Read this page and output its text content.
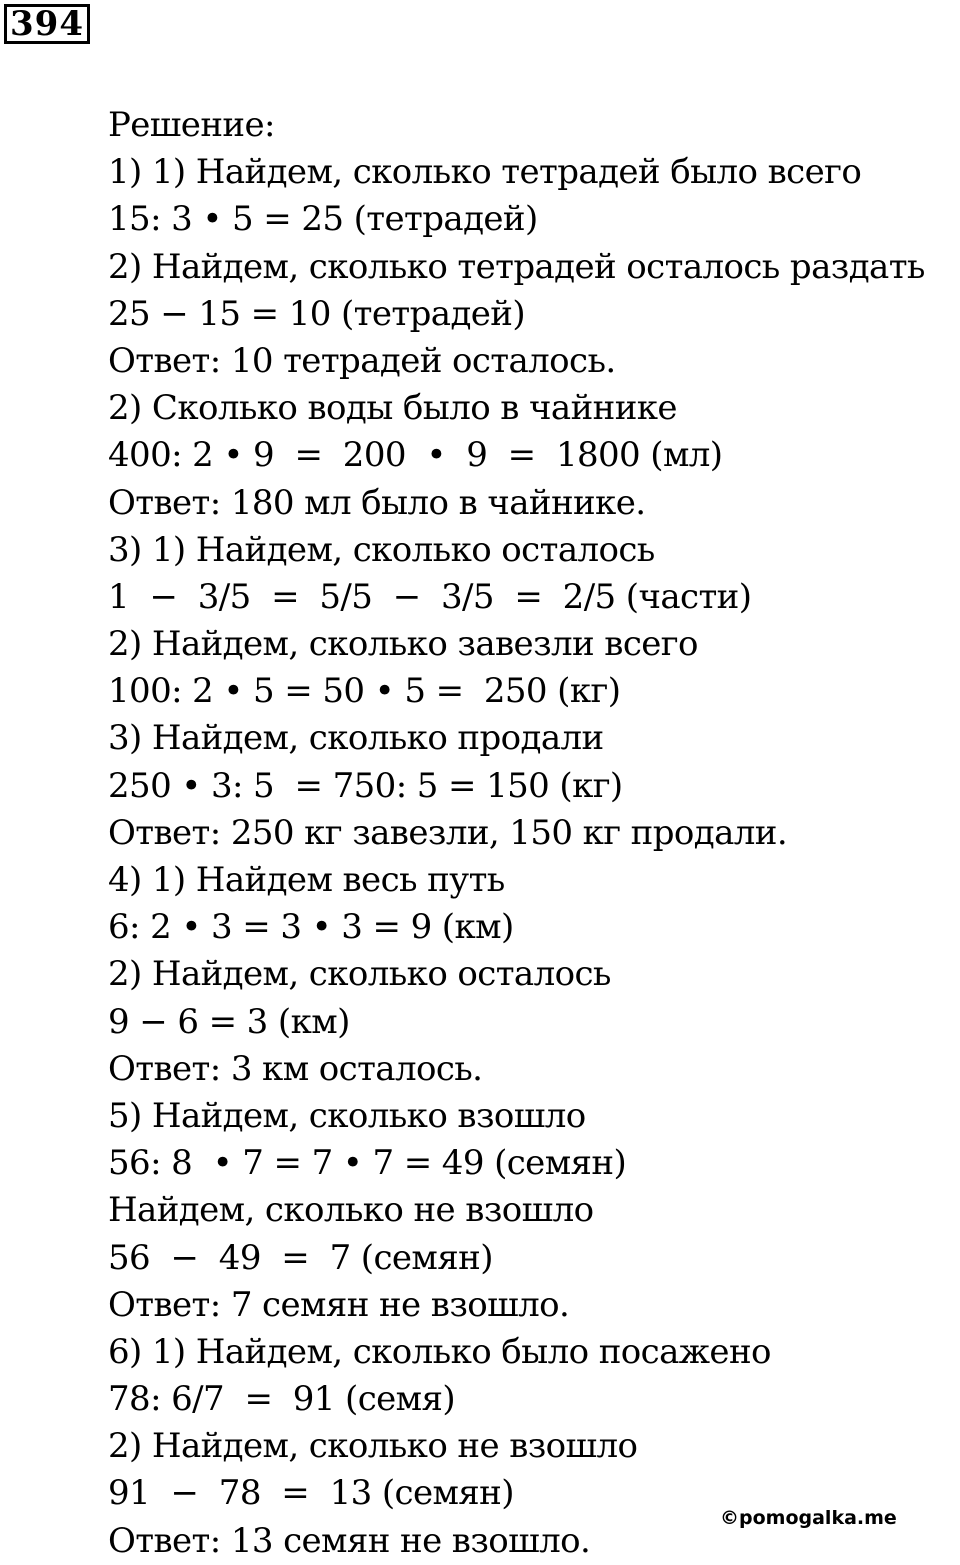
394
Решение:
1) 1) Найдем, сколько тетрадей было всего
15: 3 • 5 = 25 (тетрадей)
2) Найдем, сколько тетрадей осталось раздать
25 − 15 = 10 (тетрадей)
Ответ: 10 тетрадей осталось.
2) Сколько воды было в чайнике
400: 2 • 9  =  200  •  9  =  1800 (мл)
Ответ: 180 мл было в чайнике.
3) 1) Найдем, сколько осталось
1  −  3/5  =  5/5  −  3/5  =  2/5 (части)
2) Найдем, сколько завезли всего
100: 2 • 5 = 50 • 5 =  250 (кг)
3) Найдем, сколько продали
250 • 3: 5  = 750: 5 = 150 (кг)
Ответ: 250 кг завезли, 150 кг продали.
4) 1) Найдем весь путь
6: 2 • 3 = 3 • 3 = 9 (км)
2) Найдем, сколько осталось
9 − 6 = 3 (км)
Ответ: 3 км осталось.
5) Найдем, сколько взошло
56: 8  • 7 = 7 • 7 = 49 (семян)
Найдем, сколько не взошло
56  −  49  =  7 (семян)
Ответ: 7 семян не взошло.
6) 1) Найдем, сколько было посажено
78: 6/7  =  91 (семя)
2) Найдем, сколько не взошло
91  −  78  =  13 (семян)
Ответ: 13 семян не взошло.
©pomogalka.me
